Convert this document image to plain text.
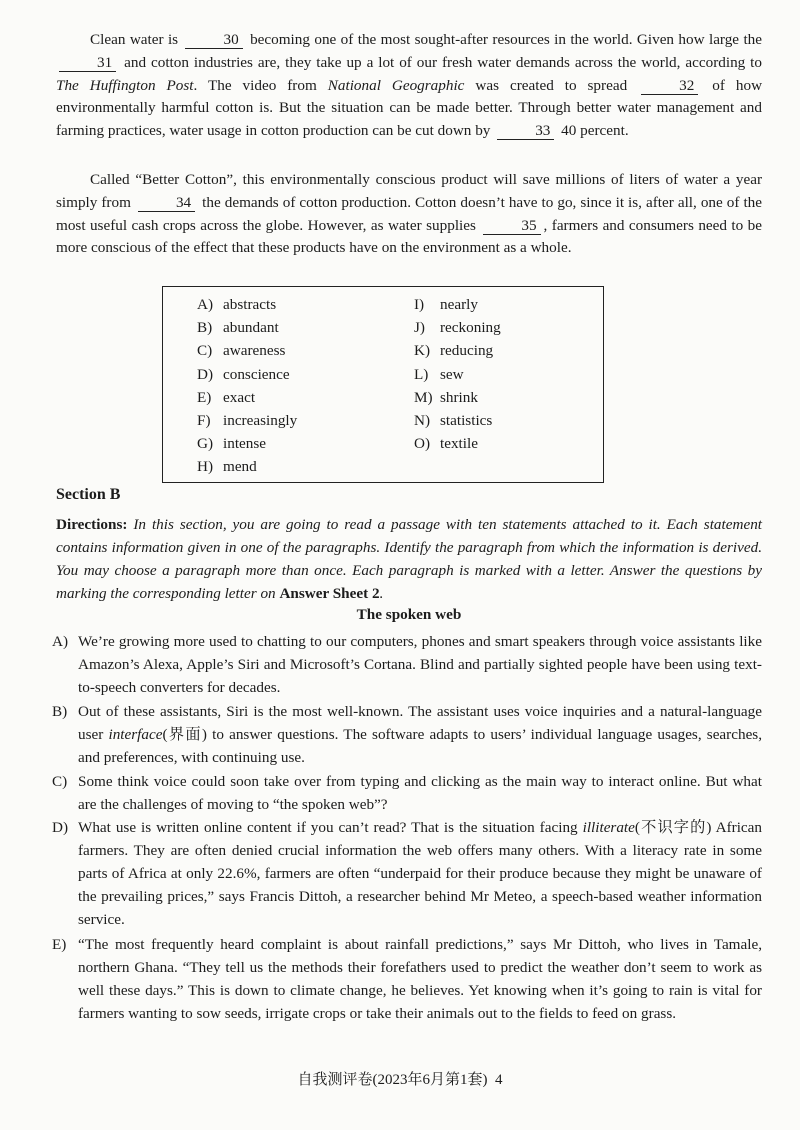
Clean water is	30 becoming one of the most sought-after resources in the world. Given how large the 31 and cotton industries are, they take up a lot of our fresh water demands across the world, according to The Huffington Post. The video from National Geographic was created to spread	32 of how environmentally harmful cotton is. But the situation can be made better. Through better water management and farming practices, water usage in cotton production can be cut down by	33 40 percent.
Called “Better Cotton”, this environmentally conscious product will save millions of liters of water a year simply from	34 the demands of cotton production. Cotton doesn’t have to go, since it is, after all, one of the most useful cash crops across the globe. However, as water supplies	35 , farmers and consumers need to be more conscious of the effect that these products have on the environment as a whole.
A) abstracts
B) abundant
C) awareness
D) conscience
E) exact
F) increasingly
G) intense
H) mend
I) nearly
J) reckoning
K) reducing
L) sew
M) shrink
N) statistics
O) textile
Section B
Directions: In this section, you are going to read a passage with ten statements attached to it. Each statement contains information given in one of the paragraphs. Identify the paragraph from which the information is derived. You may choose a paragraph more than once. Each paragraph is marked with a letter. Answer the questions by marking the corresponding letter on Answer Sheet 2.
The spoken web
A) We’re growing more used to chatting to our computers, phones and smart speakers through voice assistants like Amazon’s Alexa, Apple’s Siri and Microsoft’s Cortana. Blind and partially sighted people have been using text-to-speech converters for decades.
B) Out of these assistants, Siri is the most well-known. The assistant uses voice inquiries and a natural-language user interface(界面) to answer questions. The software adapts to users’ individual language usages, searches, and preferences, with continuing use.
C) Some think voice could soon take over from typing and clicking as the main way to interact online. But what are the challenges of moving to “the spoken web”?
D) What use is written online content if you can’t read? That is the situation facing illiterate(不识字的) African farmers. They are often denied crucial information the web offers many others. With a literacy rate in some parts of Africa at only 22.6%, farmers are often “underpaid for their produce because they might be unaware of the prevailing prices,” says Francis Dittoh, a researcher behind Mr Meteo, a speech-based weather information service.
E) “The most frequently heard complaint is about rainfall predictions,” says Mr Dittoh, who lives in Tamale, northern Ghana. “They tell us the methods their forefathers used to predict the weather don’t seem to work as well these days.” This is down to climate change, he believes. Yet knowing when it’s going to rain is vital for farmers wanting to sow seeds, irrigate crops or take their animals out to the fields to feed on grass.
自我测评卷(2023年6月第1套)  4
